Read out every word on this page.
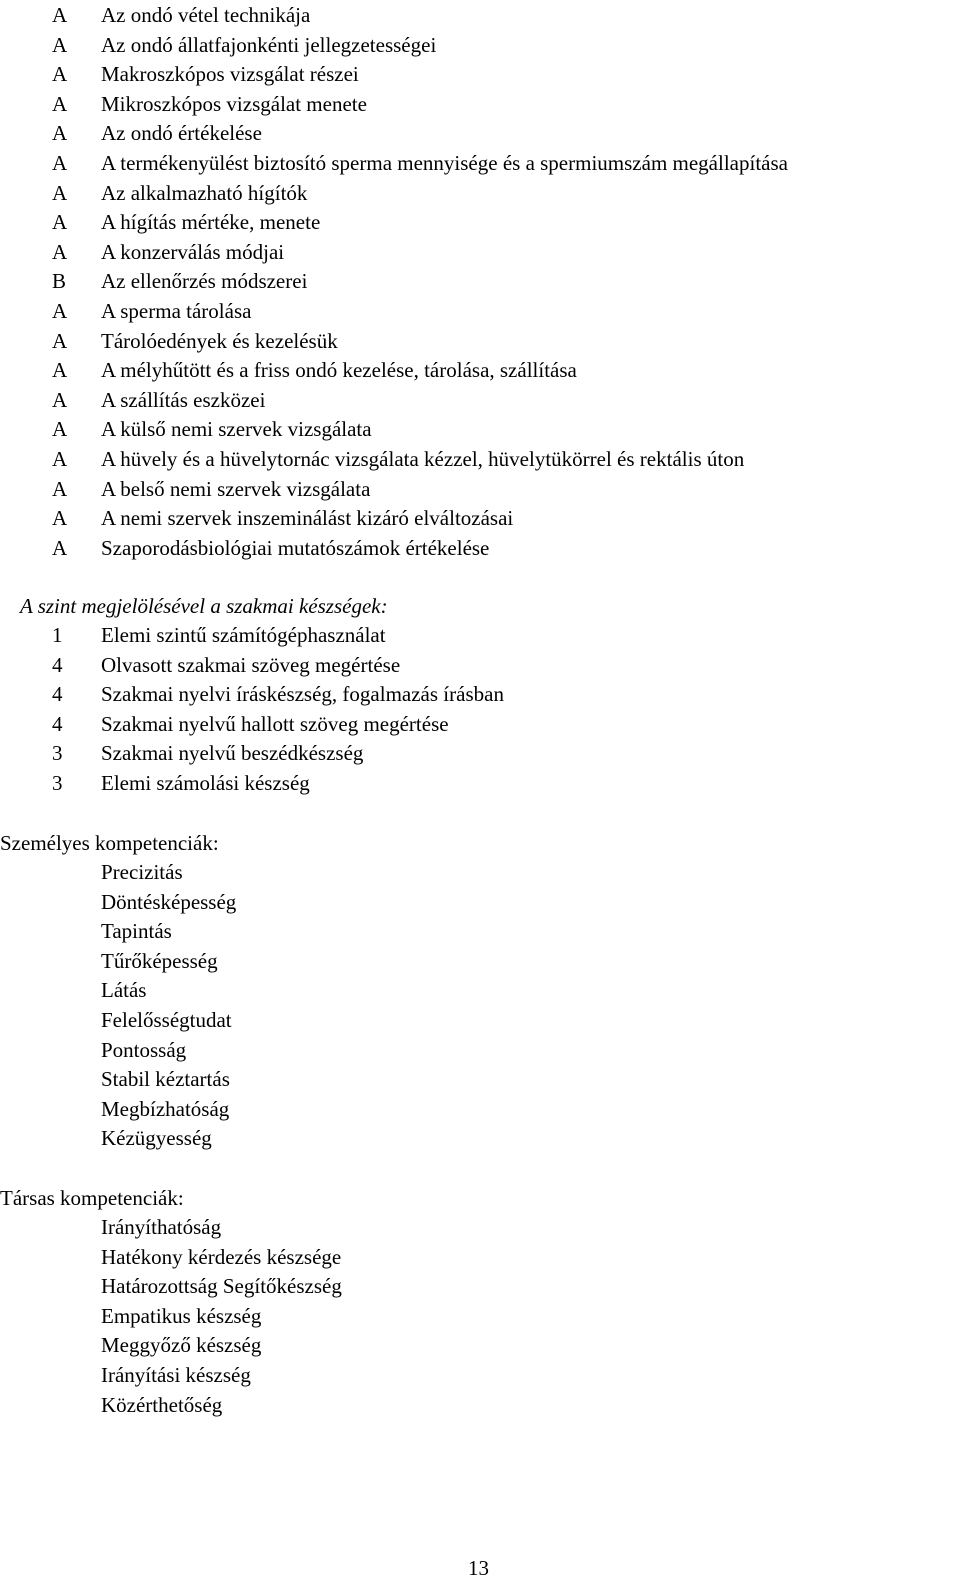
A Az ondó vétel technikája
A Az ondó állatfajonkénti jellegzetességei
A Makroszkópos vizsgálat részei
A Mikroszkópos vizsgálat menete
A Az ondó értékelése
A A termékenyülést biztosító sperma mennyisége és a spermiumszám megállapítása
A Az alkalmazható hígítók
A A hígítás mértéke, menete
A A konzerválás módjai
B Az ellenőrzés módszerei
A A sperma tárolása
A Tárolóedények és kezelésük
A A mélyhűtött és a friss ondó kezelése, tárolása, szállítása
A A szállítás eszközei
A A külső nemi szervek vizsgálata
A A hüvely és a hüvelytornác vizsgálata kézzel, hüvelytükörrel és rektális úton
A A belső nemi szervek vizsgálata
A A nemi szervek inszeminálást kizáró elváltozásai
A Szaporodásbiológiai mutatószámok értékelése
A szint megjelölésével a szakmai készségek:
1 Elemi szintű számítógéphasználat
4 Olvasott szakmai szöveg megértése
4 Szakmai nyelvi íráskészség, fogalmazás írásban
4 Szakmai nyelvű hallott szöveg megértése
3 Szakmai nyelvű beszédkészség
3 Elemi számolási készség
Személyes kompetenciák:
Precizitás
Döntésképesség
Tapintás
Tűrőképesség
Látás
Felelősségtudat
Pontosság
Stabil kéztartás
Megbízhatóság
Kézügyesség
Társas kompetenciák:
Irányíthatóság
Hatékony kérdezés készsége
Határozottság Segítőkészség
Empatikus készség
Meggyőző készség
Irányítási készség
Közérthetőség
13
